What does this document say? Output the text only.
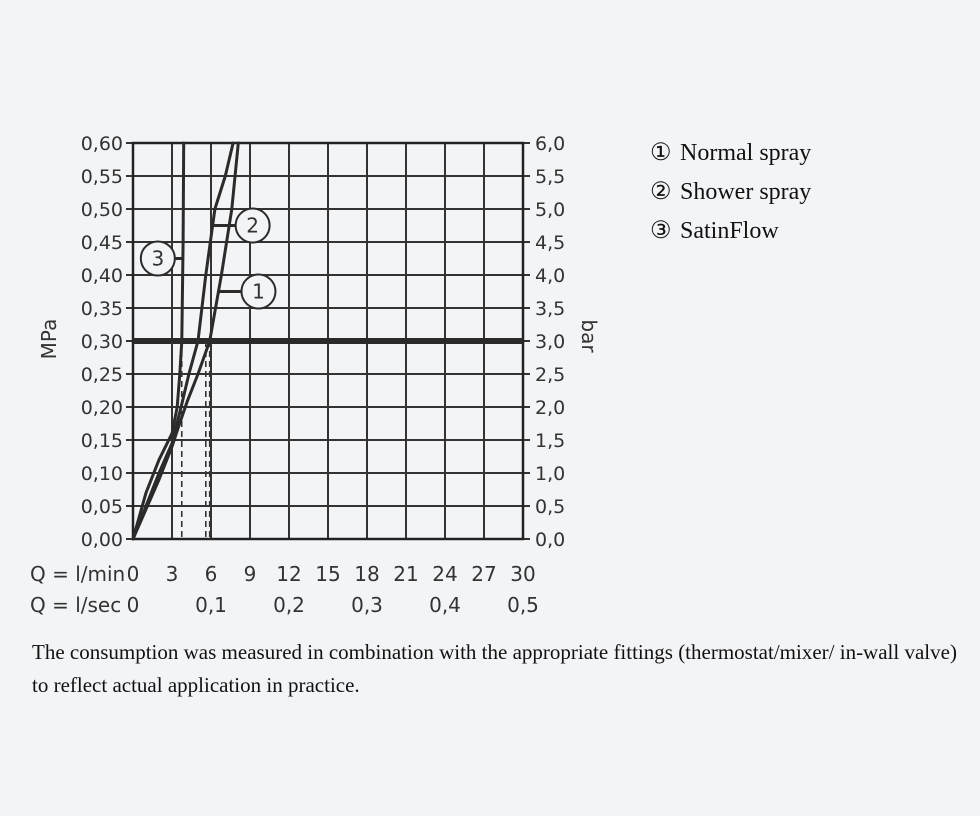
1
2
3
0,00
0,05
0,10
0,15
0,20
0,25
0,30
0,35
0,40
0,45
0,50
0,55
0,60
0,0
0,5
1,0
1,5
2,0
2,5
3,0
3,5
4,0
4,5
5,0
5,5
6,0
0 3 6 9 12 15 18 21 24 27 30
0	0,1 0,2 0,3 0,4 0,5
MPa	bar
Q = l/min
Q = l/sec
① Normal spray
② Shower spray
③ SatinFlow
The consumption was measured in combination with the appropriate fittings (thermostat/mixer/ in-wall valve) to reflect actual application in practice.
